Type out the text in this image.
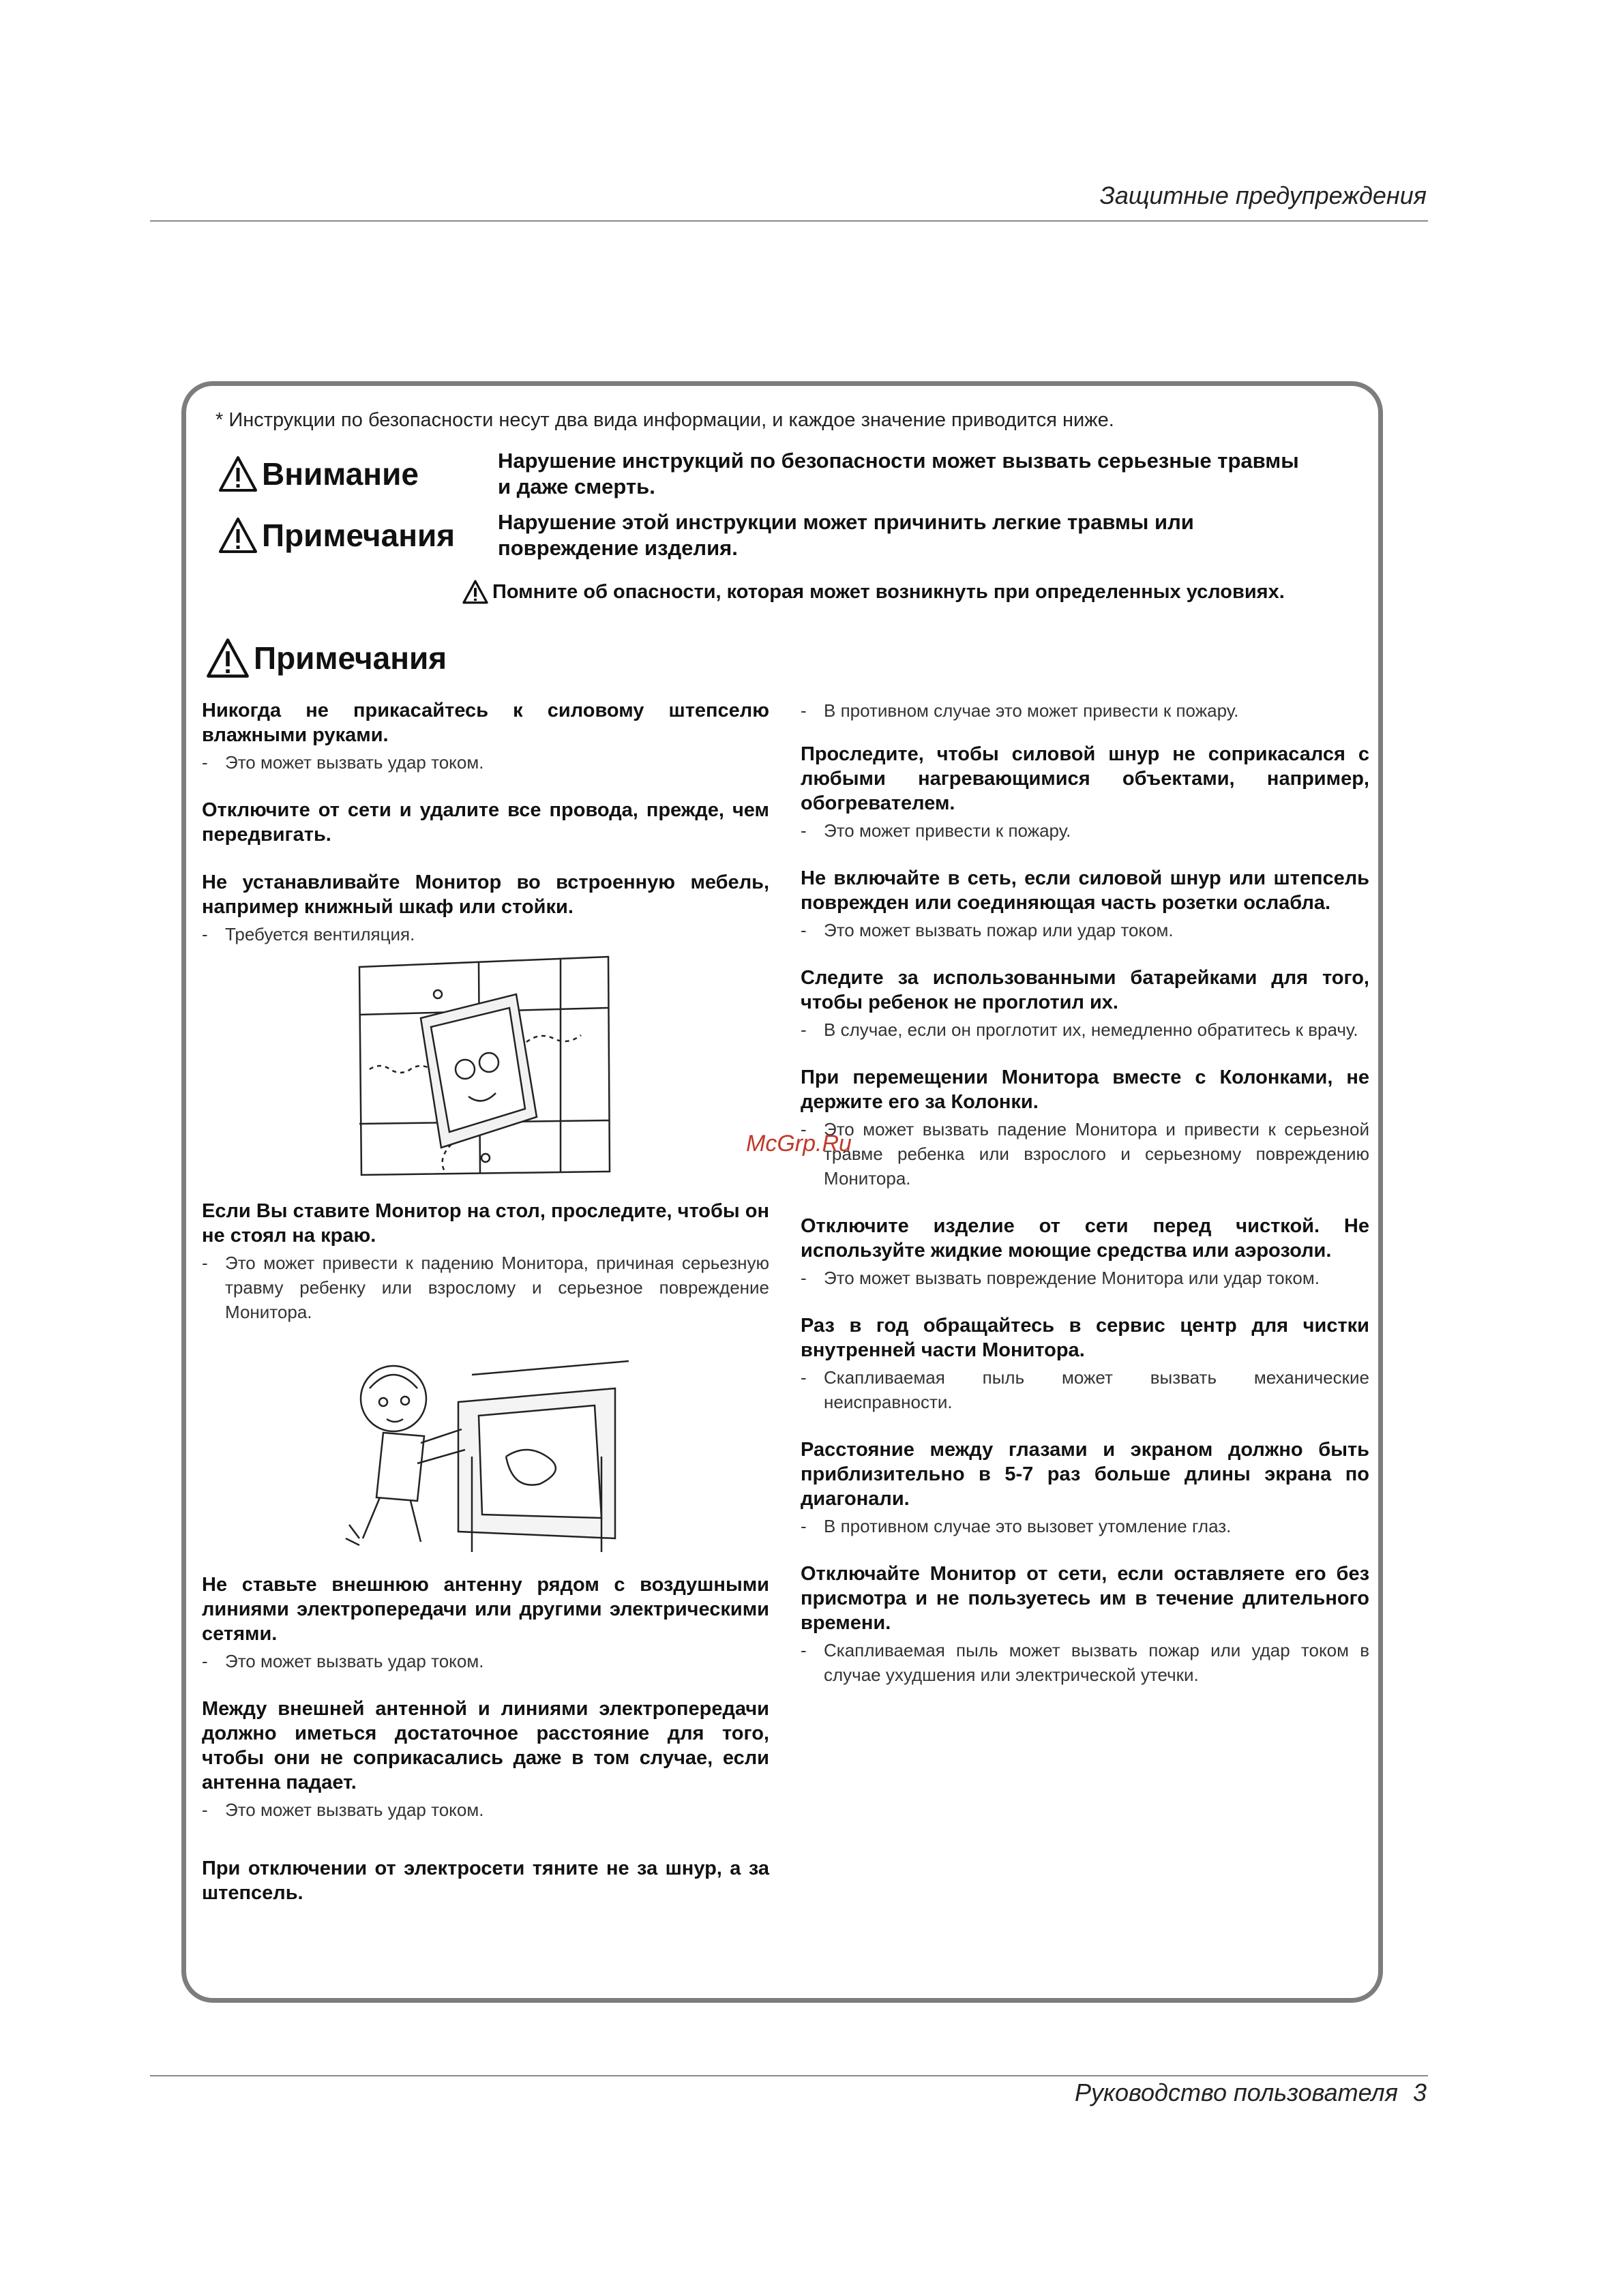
Защитные предупреждения
* Инструкции по безопасности несут два вида информации, и каждое значение приводится ниже.
Внимание	Нарушение инструкций по безопасности может вызвать серьезные травмы и даже смерть.
Примечания Нарушение этой инструкции может причинить легкие травмы или повреждение изделия.
Помните об опасности, которая может возникнуть при определенных условиях.
Примечания
Никогда не прикасайтесь к силовому штепселю влажными руками.

- Это может вызвать удар током.

Отключите от сети и удалите все провода, прежде, чем передвигать.
Не устанавливайте Монитор во встроенную мебель, например книжный шкаф или стойки.

- Требуется вентиляция.

Если Вы ставите Монитор на стол, проследите, чтобы он не стоял на краю.

- Это может привести к падению Монитора, причиная серьезную травму ребенку или взрослому и серьезное повреждение Монитора.

Не ставьте внешнюю антенну рядом с воздушными линиями электропередачи или другими электрическими сетями.

- Это может вызвать удар током.

Между внешней антенной и линиями электропередачи должно иметься достаточное расстояние для того, чтобы они не соприкасались даже в том случае, если антенна падает.

- Это может вызвать удар током.

При отключении от электросети тяните не за шнур, а за штепсель.

- В противном случае это может привести к пожару.

Проследите, чтобы силовой шнур не соприкасался с любыми нагревающимися объектами, например, обогревателем.

- Это может привести к пожару.

Не включайте в сеть, если силовой шнур или штепсель поврежден или соединяющая часть розетки ослабла.

- Это может вызвать пожар или удар током.

Следите за использованными батарейками для того, чтобы ребенок не проглотил их.

- В случае, если он проглотит их, немедленно обратитесь к врачу.

При перемещении Монитора вместе с Колонками, не держите его за Колонки.

- Это может вызвать падение Монитора и привести к серьезной травме ребенка или взрослого и серьезному повреждению Монитора.

Отключите изделие от сети перед чисткой. Не используйте жидкие моющие средства или аэрозоли.

- Это может вызвать повреждение Монитора или удар током.

Раз в год обращайтесь в сервис центр для чистки внутренней части Монитора.

- Скапливаемая пыль может вызвать механические неисправности.

Расстояние между глазами и экраном должно быть приблизительно в 5-7 раз больше длины экрана по диагонали.

- В противном случае это вызовет утомление глаз.

Отключайте Монитор от сети, если оставляете его без присмотра и не пользуетесь им в течение длительного времени.

- Скапливаемая пыль может вызвать пожар или удар током в случае ухудшения или электрической утечки.

McGrp.Ru
Руководство пользователя 3
